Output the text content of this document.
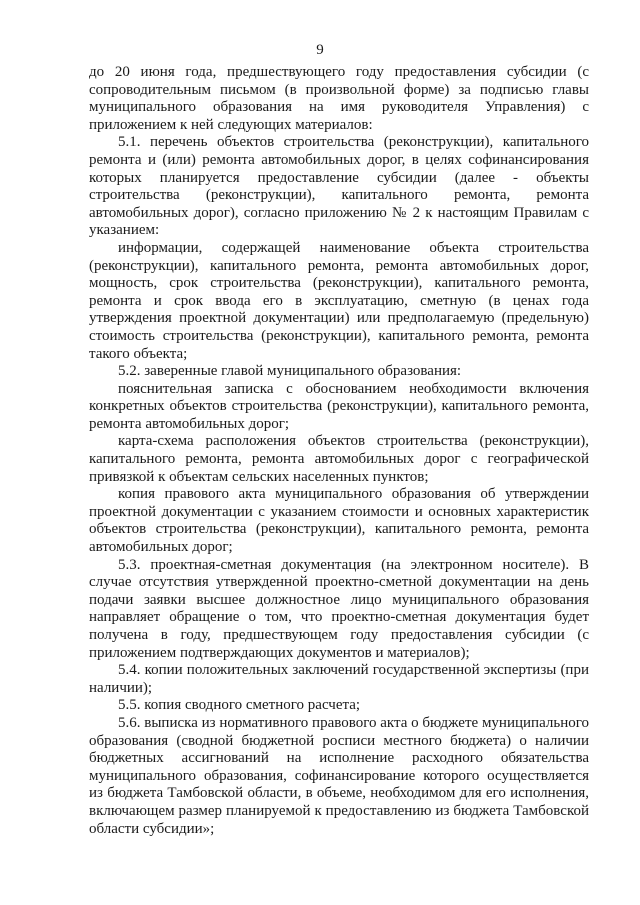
9

до 20 июня года, предшествующего году предоставления субсидии (с сопроводительным письмом (в произвольной форме) за подписью главы муниципального образования на имя руководителя Управления) с приложением к ней следующих материалов:

5.1. перечень объектов строительства (реконструкции), капитального ремонта и (или) ремонта автомобильных дорог, в целях софинансирования которых планируется предоставление субсидии (далее - объекты строительства (реконструкции), капитального ремонта, ремонта автомобильных дорог), согласно приложению № 2 к настоящим Правилам с указанием:

информации, содержащей наименование объекта строительства (реконструкции), капитального ремонта, ремонта автомобильных дорог, мощность, срок строительства (реконструкции), капитального ремонта, ремонта и срок ввода его в эксплуатацию, сметную (в ценах года утверждения проектной документации) или предполагаемую (предельную) стоимость строительства (реконструкции), капитального ремонта, ремонта такого объекта;

5.2. заверенные главой муниципального образования:

пояснительная записка с обоснованием необходимости включения конкретных объектов строительства (реконструкции), капитального ремонта, ремонта автомобильных дорог;

карта-схема расположения объектов строительства (реконструкции), капитального ремонта, ремонта автомобильных дорог с географической привязкой к объектам сельских населенных пунктов;

копия правового акта муниципального образования об утверждении проектной документации с указанием стоимости и основных характеристик объектов строительства (реконструкции), капитального ремонта, ремонта автомобильных дорог;

5.3. проектная-сметная документация (на электронном носителе). В случае отсутствия утвержденной проектно-сметной документации на день подачи заявки высшее должностное лицо муниципального образования направляет обращение о том, что проектно-сметная документация будет получена в году, предшествующем году предоставления субсидии (с приложением подтверждающих документов и материалов);

5.4. копии положительных заключений государственной экспертизы (при наличии);

5.5. копия сводного сметного расчета;

5.6. выписка из нормативного правового акта о бюджете муниципального образования (сводной бюджетной росписи местного бюджета) о наличии бюджетных ассигнований на исполнение расходного обязательства муниципального образования, софинансирование которого осуществляется из бюджета Тамбовской области, в объеме, необходимом для его исполнения, включающем размер планируемой к предоставлению из бюджета Тамбовской области субсидии»;
